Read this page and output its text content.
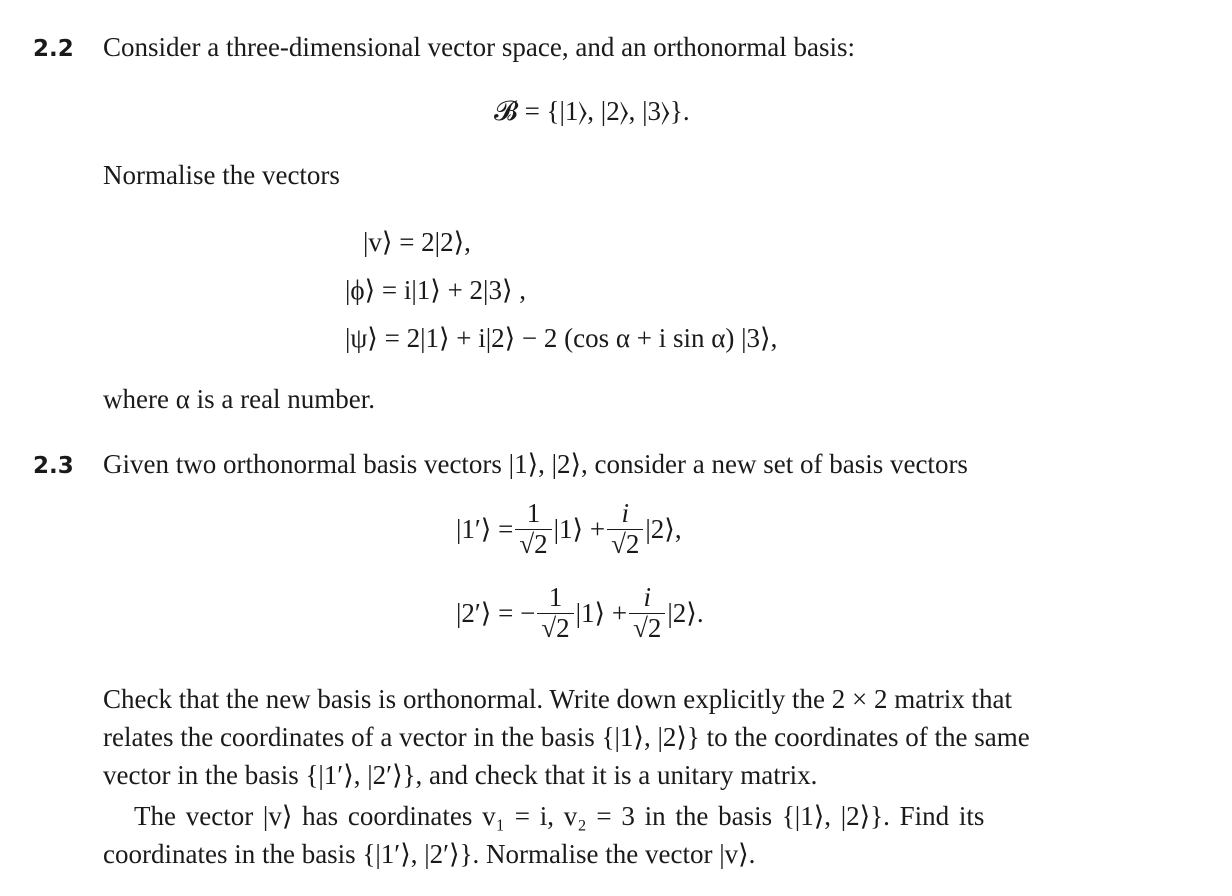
2.2 Consider a three-dimensional vector space, and an orthonormal basis:
𝓑 = {|1⟩, |2⟩, |3⟩}.
Normalise the vectors
|v⟩ = 2|2⟩,
|ϕ⟩ = i|1⟩ + 2|3⟩ ,
|ψ⟩ = 2|1⟩ + i|2⟩ − 2 (cos α + i sin α) |3⟩,
where α is a real number.
2.3 Given two orthonormal basis vectors |1⟩, |2⟩, consider a new set of basis vectors
|1′⟩ = $\frac{1}{√2}$ |1⟩ + $\frac{i}{√2}$ |2⟩,
|2′⟩ = − $\frac{1}{√2}$ |1⟩ + $\frac{i}{√2}$ |2⟩.
Check that the new basis is orthonormal. Write down explicitly the 2 × 2 matrix that
relates the coordinates of a vector in the basis {|1⟩, |2⟩} to the coordinates of the same
vector in the basis {|1′⟩, |2′⟩}, and check that it is a unitary matrix.
The vector |v⟩ has coordinates v₁ = i, v₂ = 3 in the basis {|1⟩, |2⟩}. Find its
coordinates in the basis {|1′⟩, |2′⟩}. Normalise the vector |v⟩.
